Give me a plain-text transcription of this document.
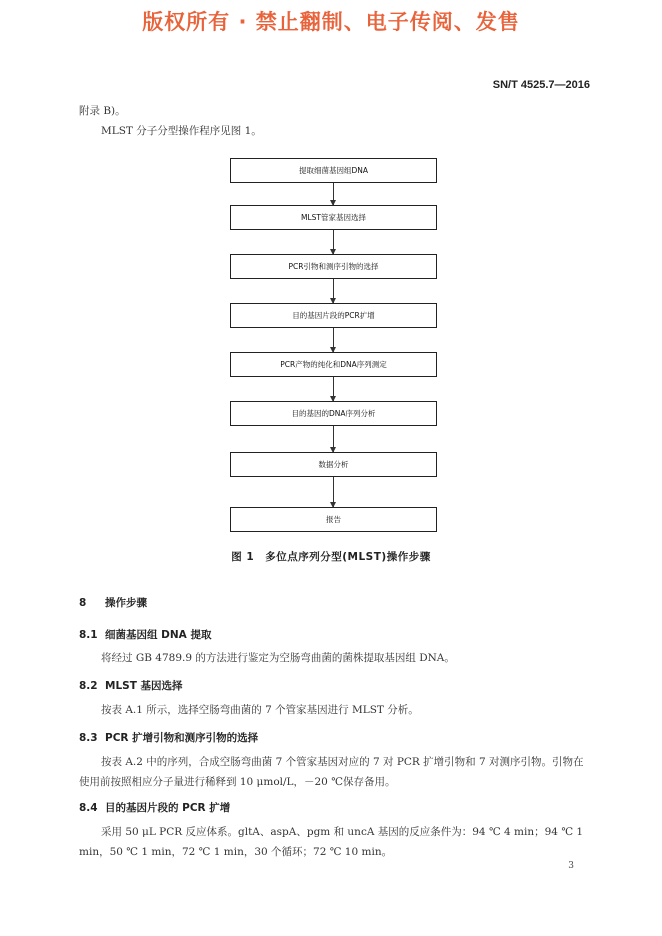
版权所有 · 禁止翻制、电子传阅、发售
SN/T 4525.7—2016
附录 B)。
MLST 分子分型操作程序见图 1。
提取细菌基因组DNA
MLST管家基因选择
PCR引物和测序引物的选择
目的基因片段的PCR扩增
PCR产物的纯化和DNA序列测定
目的基因的DNA序列分析
数据分析
报告
图 1　多位点序列分型(MLST)操作步骤
8 操作步骤
8.1 细菌基因组 DNA 提取
将经过 GB 4789.9 的方法进行鉴定为空肠弯曲菌的菌株提取基因组 DNA。
8.2 MLST 基因选择
按表 A.1 所示，选择空肠弯曲菌的 7 个管家基因进行 MLST 分析。
8.3 PCR 扩增引物和测序引物的选择
按表 A.2 中的序列，合成空肠弯曲菌 7 个管家基因对应的 7 对 PCR 扩增引物和 7 对测序引物。引物在使用前按照相应分子量进行稀释到 10 μmol/L，－20 ℃保存备用。
8.4 目的基因片段的 PCR 扩增
采用 50 μL PCR 反应体系。gltA、aspA、pgm 和 uncA 基因的反应条件为：94 ℃ 4 min；94 ℃ 1 min，50 ℃ 1 min，72 ℃ 1 min，30 个循环；72 ℃ 10 min。
3
